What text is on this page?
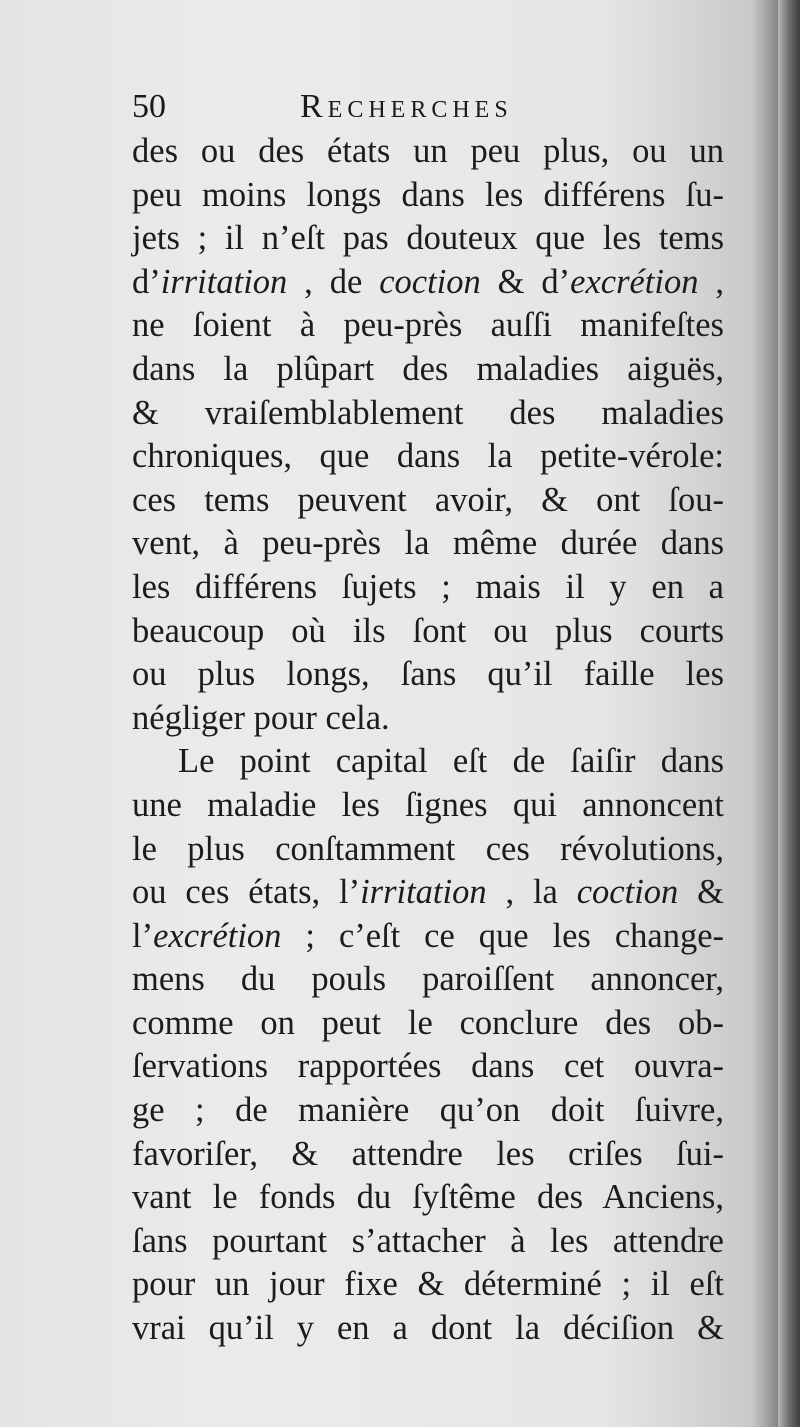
50	Recherches
des ou des états un peu plus, ou un
peu moins longs dans les différens ſu-
jets ; il n’eſt pas douteux que les tems
d’irritation , de coction & d’excrétion ,
ne ſoient à peu-près auſſi manifeſtes
dans la plûpart des maladies aiguës,
& vraiſemblablement des maladies
chroniques, que dans la petite-vérole:
ces tems peuvent avoir, & ont ſou-
vent, à peu-près la même durée dans
les différens ſujets ; mais il y en a
beaucoup où ils ſont ou plus courts
ou plus longs, ſans qu’il faille les
négliger pour cela.
Le point capital eſt de ſaiſir dans
une maladie les ſignes qui annoncent
le plus conſtamment ces révolutions,
ou ces états, l’irritation , la coction &
l’excrétion ; c’eſt ce que les change-
mens du pouls paroiſſent annoncer,
comme on peut le conclure des ob-
ſervations rapportées dans cet ouvra-
ge ; de manière qu’on doit ſuivre,
favoriſer, & attendre les criſes ſui-
vant le fonds du ſyſtême des Anciens,
ſans pourtant s’attacher à les attendre
pour un jour fixe & déterminé ; il eſt
vrai qu’il y en a dont la déciſion &
